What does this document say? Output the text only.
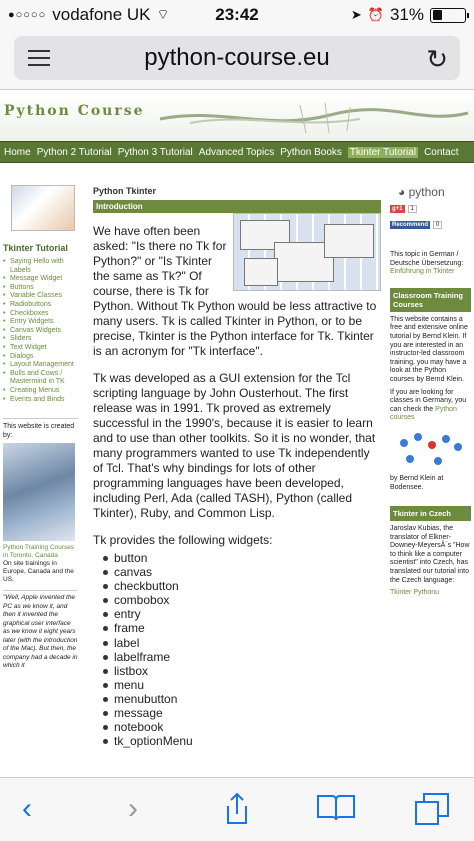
●○○○○ vodafone UK ⌔	23:42	➤ ⏰ 31%
python-course.eu	↻
Python Course
Home Python 2 Tutorial Python 3 Tutorial Advanced Topics Python Books Tkinter Tutorial Contact
Tkinter Tutorial
• Saying Hello with Labels
• Message Widget
• Buttons
• Variable Classes
• Radiobuttons
• Checkboxes
• Entry Widgets
• Canvas Widgets
• Sliders
• Text Widget
• Dialogs
• Layout Management
• Bulls and Cows / Mastermind in TK
• Creating Menus
• Events and Binds
This website is created by:
Python Training Courses in Toronto, Canada
On site trainings in Europe, Canada and the US.
"Well, Apple invented the PC as we know it, and then it invented the graphical user interface as we know it eight years later (with the introduction of the Mac). But then, the company had a decade in which it
Python Tkinter
Introduction

We have often been asked: "Is there no Tk for Python?" or "Is Tkinter the same as Tk?" Of course, there is Tk for Python. Without Tk Python would be less attractive to many users. Tk is called Tkinter in Python, or to be precise, Tkinter is the Python interface for Tk. Tkinter is an acronym for "Tk interface".

Tk was developed as a GUI extension for the Tcl scripting language by John Ousterhout. The first release was in 1991. Tk proved as extremely successful in the 1990's, because it is easier to learn and to use than other toolkits. So it is no wonder, that many programmers wanted to use Tk independently of Tcl. That's why bindings for lots of other programming languages have been developed, including Perl, Ada (called TASH), Python (called Tkinter), Ruby, and Common Lisp.

Tk provides the following widgets:

button
canvas
checkbutton
combobox
entry
frame
label
labelframe
listbox
menu
menubutton
message
notebook
tk_optionMenu
◕ python
g+1	1
Recommend	0
This topic in German / Deutsche Übersetzung: Einführung in Tkinter
Classroom Training Courses
This website contains a free and extensive online tutorial by Bernd Klein. If you are interested in an instructor-led classroom training, you may have a look at the Python courses by Bernd Klein.
If you are looking for classes in Germany, you can check the Python courses
by Bernd Klein at Bodensee.
Tkinter in Czech
Jaroslav Kubias, the translator of Elkner-Downey-MeyersÂ´s "How to think like a computer scientist" into Czech, has translated our tutorial into the Czech language:
Tkinter Pythonu
‹	›
